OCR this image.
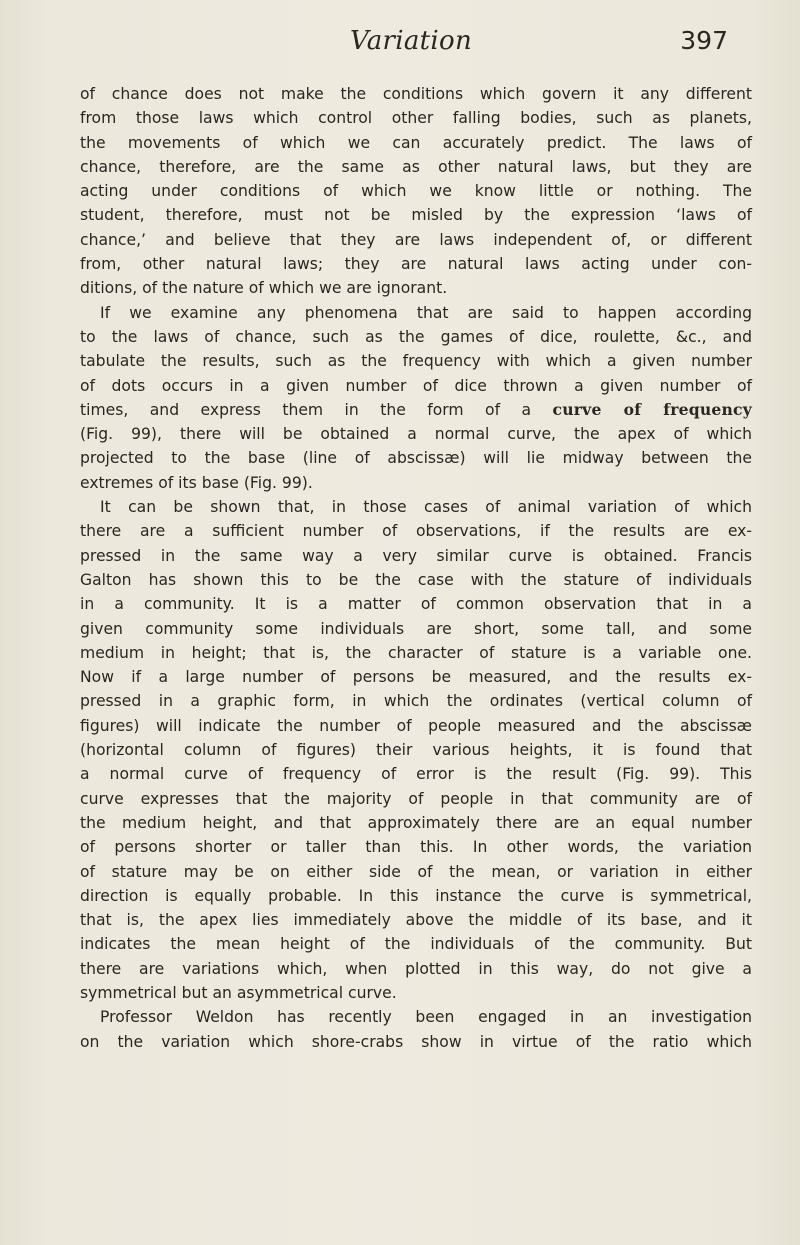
Variation	397
of chance does not make the conditions which govern it any different
from those laws which control other falling bodies, such as planets,
the movements of which we can accurately predict. The laws of
chance, therefore, are the same as other natural laws, but they are
acting under conditions of which we know little or nothing. The
student, therefore, must not be misled by the expression ‘laws of
chance,’ and believe that they are laws independent of, or different
from, other natural laws; they are natural laws acting under con-
ditions, of the nature of which we are ignorant.
If we examine any phenomena that are said to happen according
to the laws of chance, such as the games of dice, roulette, &c., and
tabulate the results, such as the frequency with which a given number
of dots occurs in a given number of dice thrown a given number of
times, and express them in the form of a curve of frequency
(Fig. 99), there will be obtained a normal curve, the apex of which
projected to the base (line of abscissæ) will lie midway between the
extremes of its base (Fig. 99).
It can be shown that, in those cases of animal variation of which
there are a sufficient number of observations, if the results are ex-
pressed in the same way a very similar curve is obtained. Francis
Galton has shown this to be the case with the stature of individuals
in a community. It is a matter of common observation that in a
given community some individuals are short, some tall, and some
medium in height; that is, the character of stature is a variable one.
Now if a large number of persons be measured, and the results ex-
pressed in a graphic form, in which the ordinates (vertical column of
figures) will indicate the number of people measured and the abscissæ
(horizontal column of figures) their various heights, it is found that
a normal curve of frequency of error is the result (Fig. 99). This
curve expresses that the majority of people in that community are of
the medium height, and that approximately there are an equal number
of persons shorter or taller than this. In other words, the variation
of stature may be on either side of the mean, or variation in either
direction is equally probable. In this instance the curve is symmetrical,
that is, the apex lies immediately above the middle of its base, and it
indicates the mean height of the individuals of the community. But
there are variations which, when plotted in this way, do not give a
symmetrical but an asymmetrical curve.
Professor Weldon has recently been engaged in an investigation
on the variation which shore-crabs show in virtue of the ratio which
